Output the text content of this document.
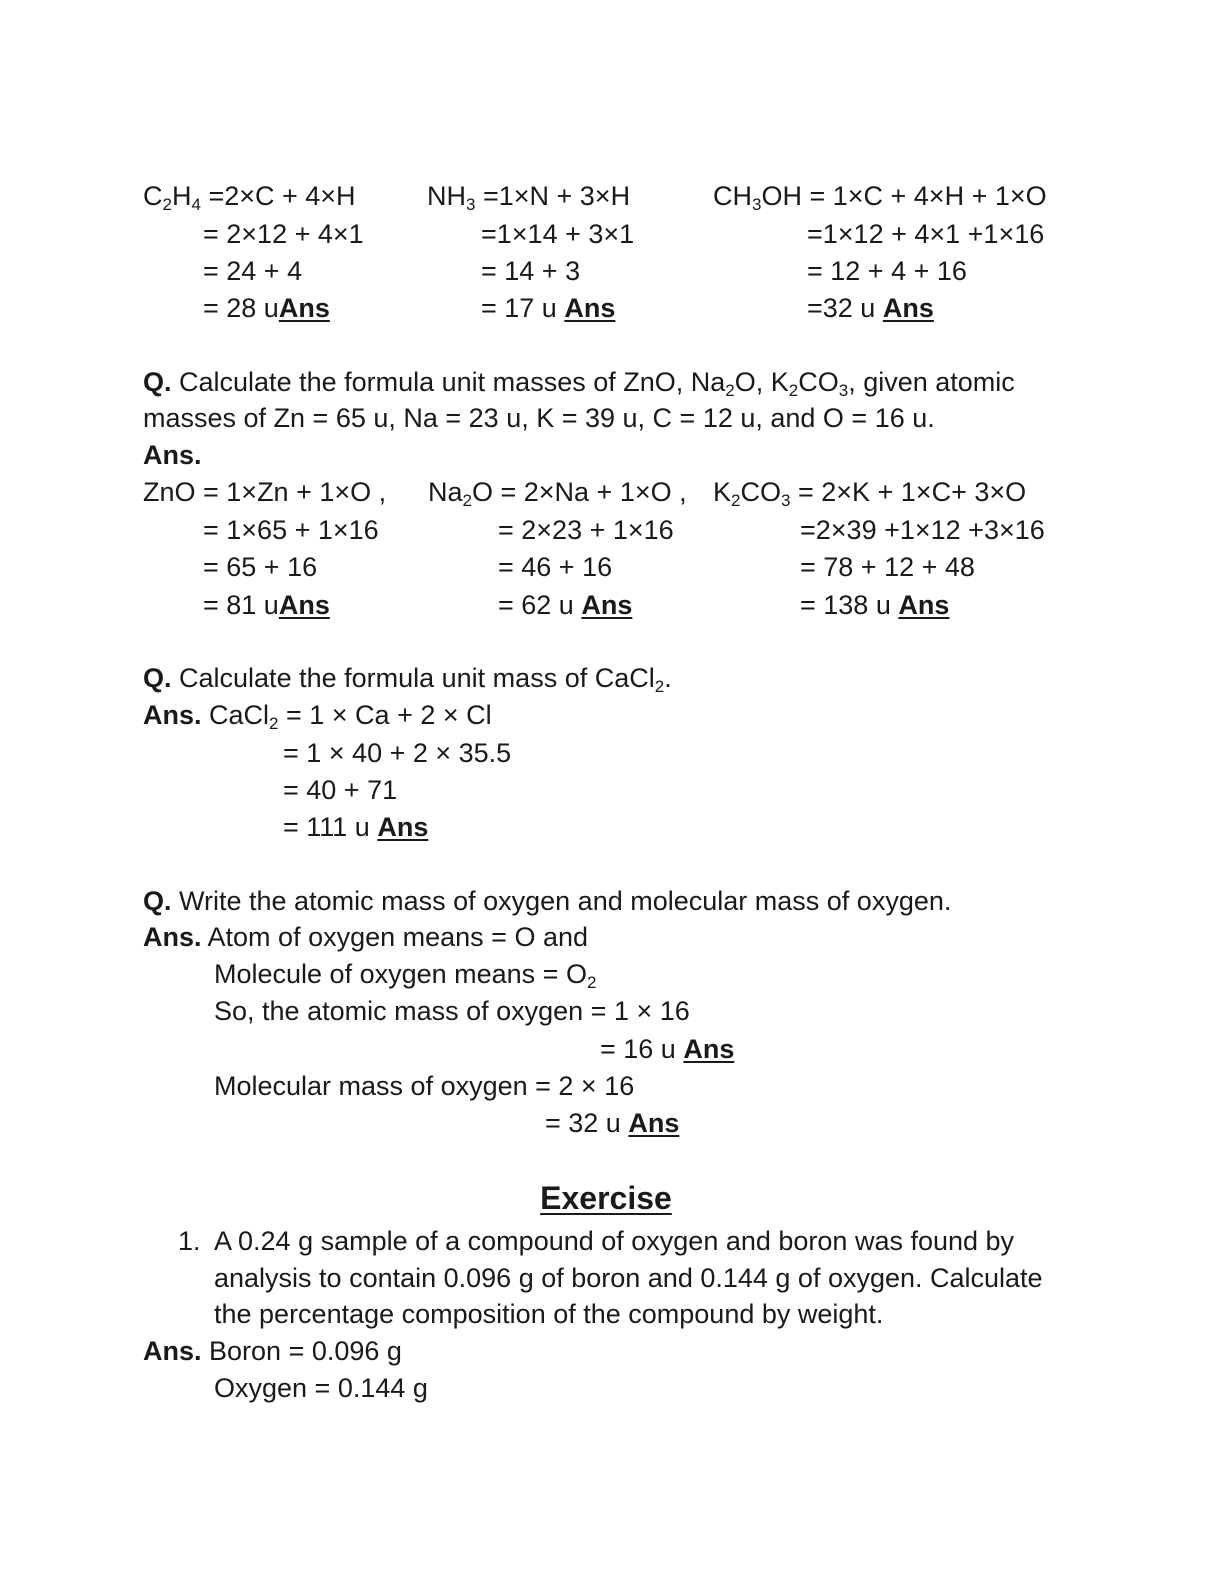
$C_2H_4 =2\times C + 4\times H$
= 2×12 + 4×1
= 24 + 4
= 28 uAns
$NH_3 =1\times N + 3\times H$
=1×14 + 3×1
= 14 + 3
= 17 u Ans
$CH_3OH = 1\times C + 4\times H + 1\times O$
=1×12 + 4×1 +1×16
= 12 + 4 + 16
=32 u Ans
Q. Calculate the formula unit masses of ZnO, $Na_2O$, $K_2CO_3$, given atomic
masses of Zn = 65 u, Na = 23 u, K = 39 u, C = 12 u, and O = 16 u.
Ans.
ZnO = 1×Zn + 1×O ,
= 1×65 + 1×16
= 65 + 16
= 81 uAns
$Na_2O = 2\times Na + 1\times O$ ,
= 2×23 + 1×16
= 46 + 16
= 62 u Ans
$K_2CO_3 = 2\times K + 1\times C+ 3\times O$
=2×39 +1×12 +3×16
= 78 + 12 + 48
= 138 u Ans
Q. Calculate the formula unit mass of CaCl$_2$.
Ans. CaCl$_2$ = 1 × Ca + 2 × Cl
= 1 × 40 + 2 × 35.5
= 40 + 71
= 111 u Ans
Q. Write the atomic mass of oxygen and molecular mass of oxygen.
Ans. Atom of oxygen means = O and
Molecule of oxygen means = $O_2$
So, the atomic mass of oxygen = 1 × 16
= 16 u Ans
Molecular mass of oxygen = 2 × 16
= 32 u Ans
Exercise
1. A 0.24 g sample of a compound of oxygen and boron was found by
analysis to contain 0.096 g of boron and 0.144 g of oxygen. Calculate
the percentage composition of the compound by weight.
Ans. Boron = 0.096 g
Oxygen = 0.144 g
